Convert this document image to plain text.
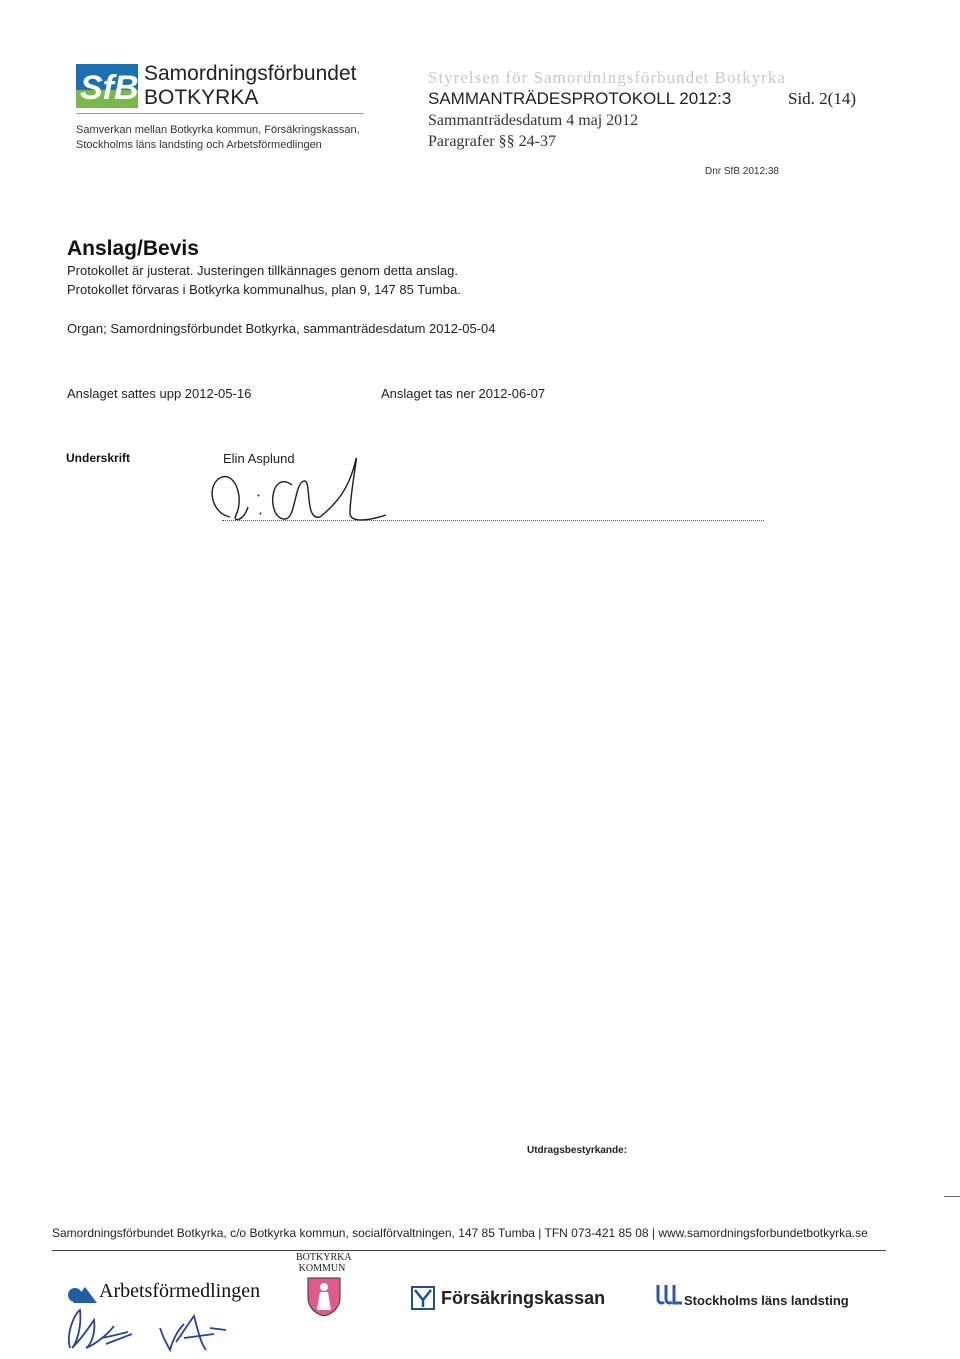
SfB Samordningsförbundet
BOTKYRKA
Samverkan mellan Botkyrka kommun, Försäkringskassan,
Stockholms läns landsting och Arbetsförmedlingen
Styrelsen för Samordningsförbundet Botkyrka
SAMMANTRÄDESPROTOKOLL 2012:3	Sid. 2(14)
Sammanträdesdatum 4 maj 2012
Paragrafer §§ 24-37
Dnr SfB 2012:38
Anslag/Bevis
Protokollet är justerat. Justeringen tillkännages genom detta anslag.
Protokollet förvaras i Botkyrka kommunalhus, plan 9, 147 85 Tumba.
Organ; Samordningsförbundet Botkyrka, sammanträdesdatum 2012-05-04
Anslaget sattes upp 2012-05-16	Anslaget tas ner 2012-06-07
Underskrift	Elin Asplund
Utdragsbestyrkande:
Samordningsförbundet Botkyrka, c/o Botkyrka kommun, socialförvaltningen, 147 85 Tumba | TFN 073-421 85 08 | www.samordningsforbundetbotkyrka.se
Arbetsförmedlingen
BOTKYRKA
KOMMUN
Försäkringskassan	Stockholms läns landsting
